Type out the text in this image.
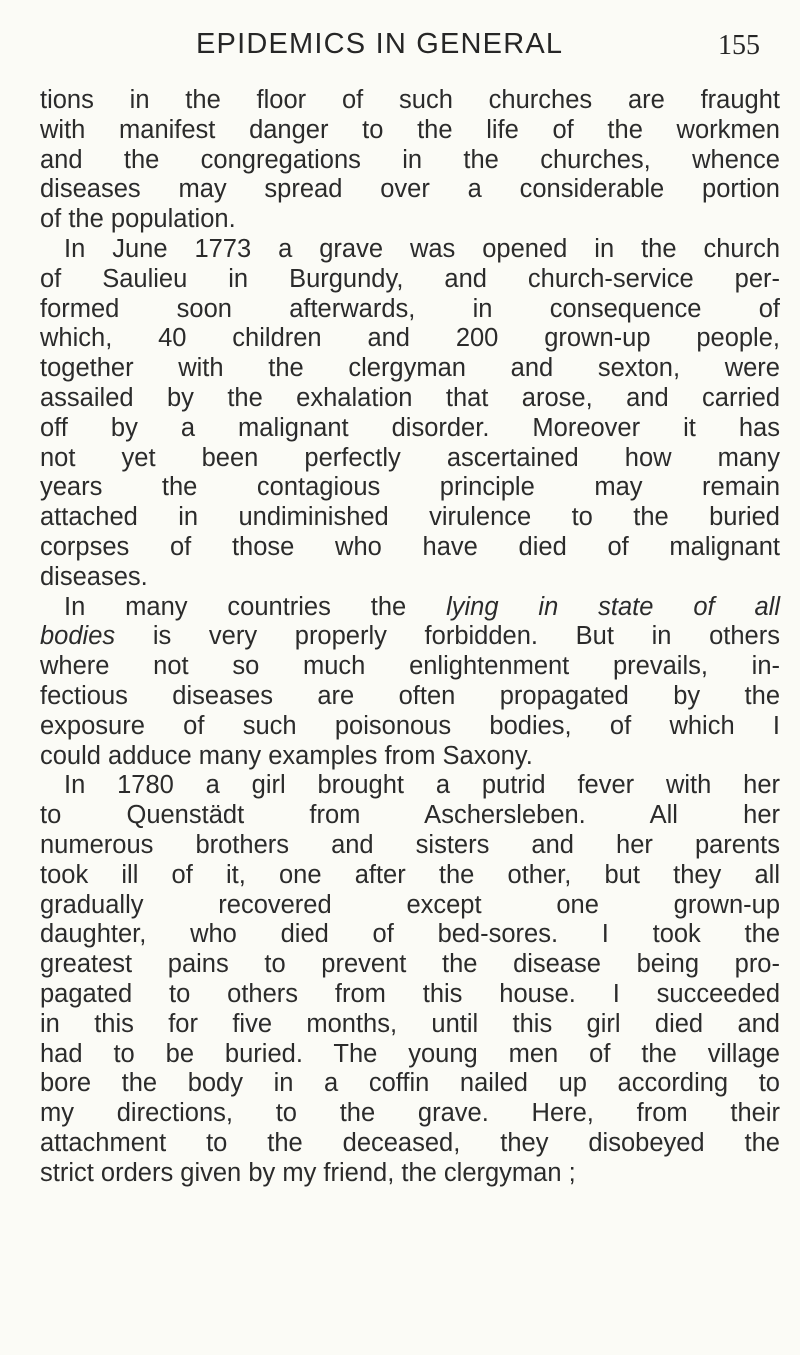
EPIDEMICS IN GENERAL	155
tions in the floor of such churches are fraught
with manifest danger to the life of the workmen
and the congregations in the churches, whence
diseases may spread over a considerable portion
of the population.
In June 1773 a grave was opened in the church
of Saulieu in Burgundy, and church-service per-
formed soon afterwards, in consequence of
which, 40 children and 200 grown-up people,
together with the clergyman and sexton, were
assailed by the exhalation that arose, and carried
off by a malignant disorder. Moreover it has
not yet been perfectly ascertained how many
years the contagious principle may remain
attached in undiminished virulence to the buried
corpses of those who have died of malignant
diseases.
In many countries the lying in state of all
bodies is very properly forbidden. But in others
where not so much enlightenment prevails, in-
fectious diseases are often propagated by the
exposure of such poisonous bodies, of which I
could adduce many examples from Saxony.
In 1780 a girl brought a putrid fever with her
to Quenstädt from Aschersleben. All her
numerous brothers and sisters and her parents
took ill of it, one after the other, but they all
gradually recovered except one grown-up
daughter, who died of bed-sores. I took the
greatest pains to prevent the disease being pro-
pagated to others from this house. I succeeded
in this for five months, until this girl died and
had to be buried. The young men of the village
bore the body in a coffin nailed up according to
my directions, to the grave. Here, from their
attachment to the deceased, they disobeyed the
strict orders given by my friend, the clergyman ;
